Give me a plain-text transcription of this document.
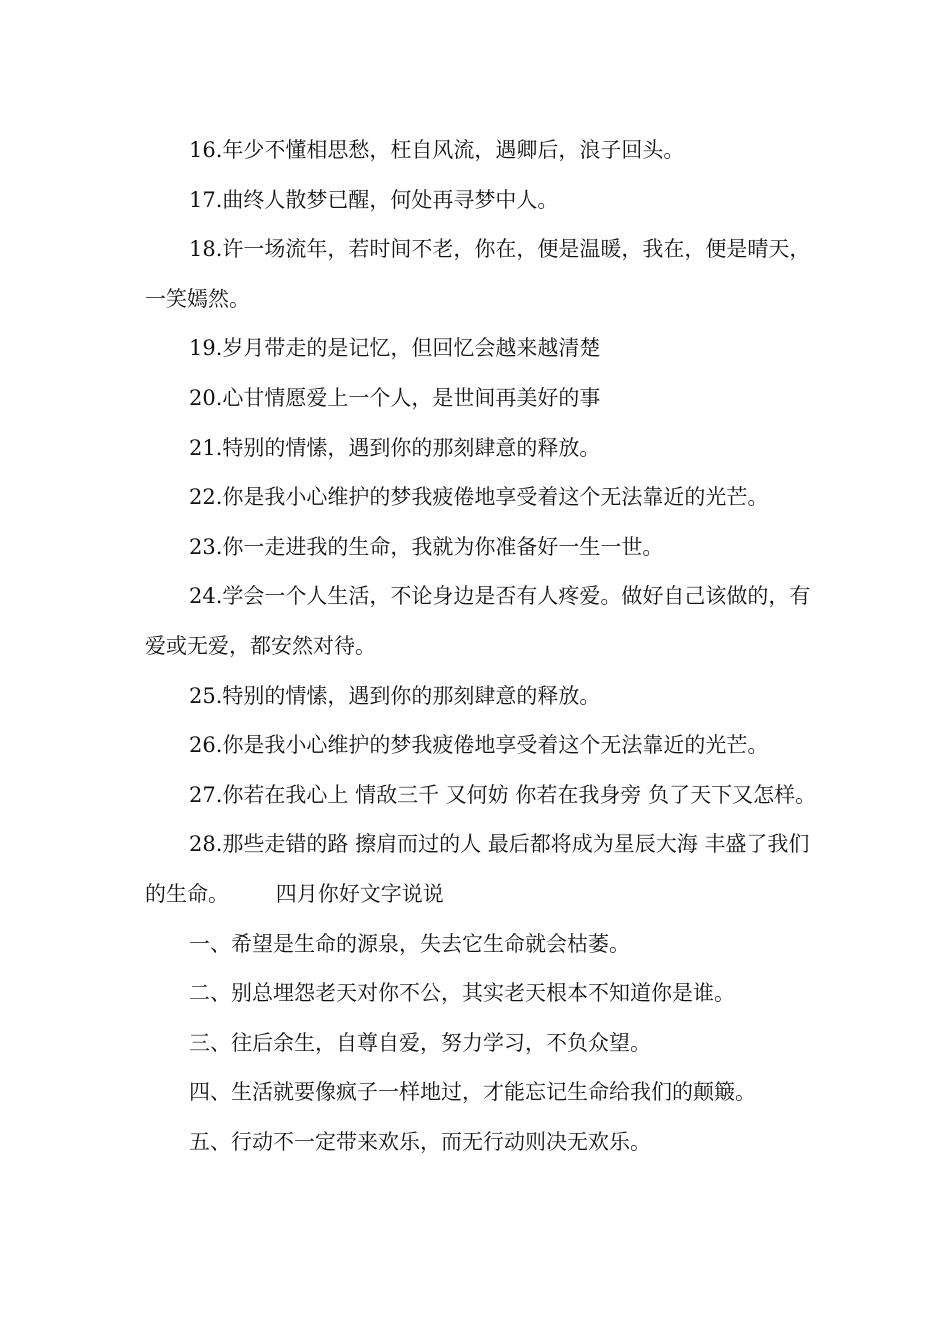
16.年少不懂相思愁，枉自风流，遇卿后，浪子回头。

17.曲终人散梦已醒，何处再寻梦中人。

18.许一场流年，若时间不老，你在，便是温暖，我在，便是晴天，一笑嫣然。

19.岁月带走的是记忆，但回忆会越来越清楚

20.心甘情愿爱上一个人，是世间再美好的事

21.特别的情愫，遇到你的那刻肆意的释放。

22.你是我小心维护的梦我疲倦地享受着这个无法靠近的光芒。

23.你一走进我的生命，我就为你准备好一生一世。

24.学会一个人生活，不论身边是否有人疼爱。做好自己该做的，有爱或无爱，都安然对待。

25.特别的情愫，遇到你的那刻肆意的释放。

26.你是我小心维护的梦我疲倦地享受着这个无法靠近的光芒。

27.你若在我心上 情敌三千 又何妨 你若在我身旁 负了天下又怎样。

28.那些走错的路 擦肩而过的人 最后都将成为星辰大海 丰盛了我们的生命。       四月你好文字说说

一、希望是生命的源泉，失去它生命就会枯萎。

二、别总埋怨老天对你不公，其实老天根本不知道你是谁。

三、往后余生，自尊自爱，努力学习，不负众望。

四、生活就要像疯子一样地过，才能忘记生命给我们的颠簸。

五、行动不一定带来欢乐，而无行动则决无欢乐。
